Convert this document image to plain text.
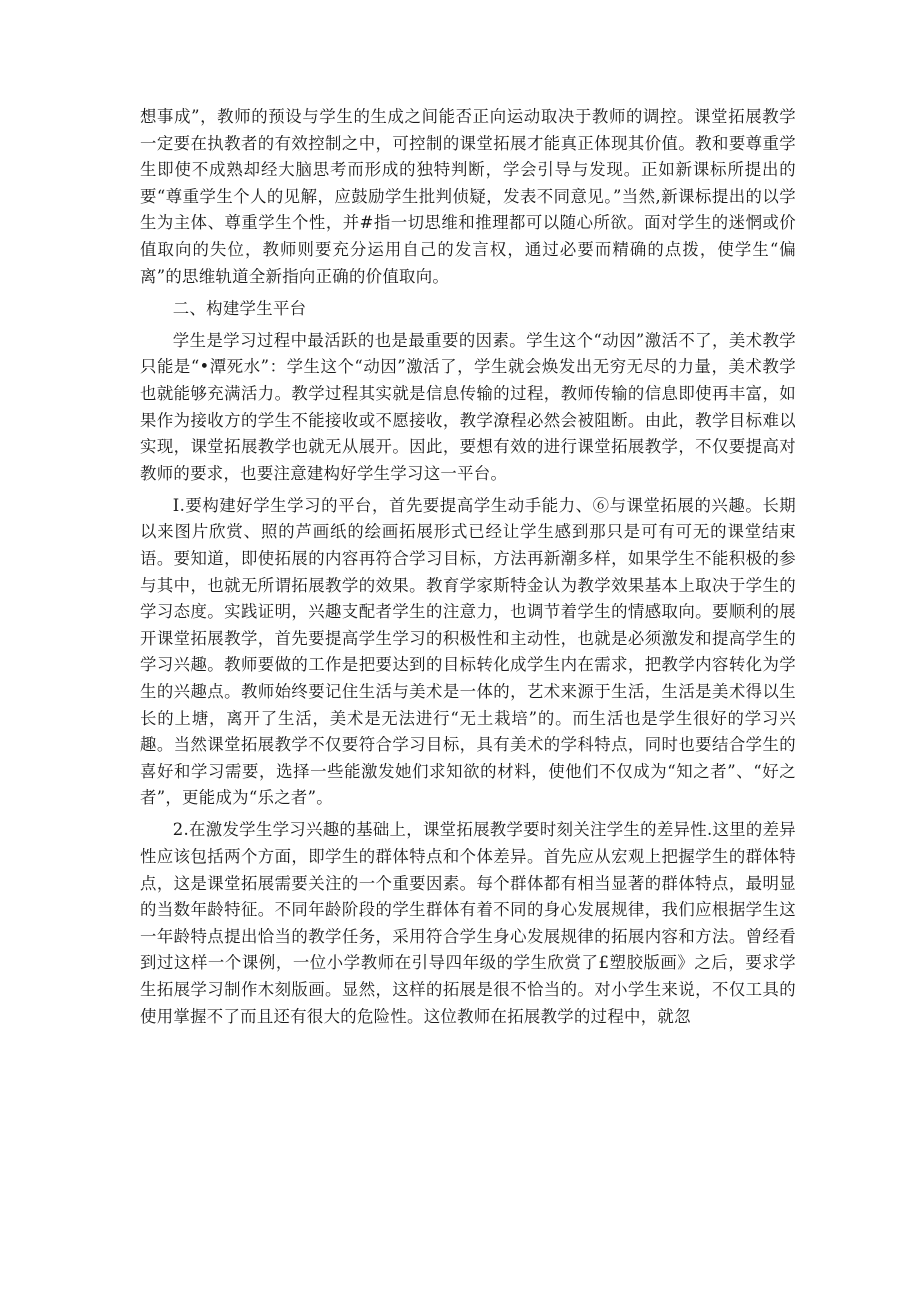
想事成”，教师的预设与学生的生成之间能否正向运动取决于教师的调控。课堂拓展教学一定要在执教者的有效控制之中，可控制的课堂拓展才能真正体现其价值。教和要尊重学生即使不成熟却经大脑思考而形成的独特判断，学会引导与发现。正如新课标所提出的要“尊重学生个人的见解，应鼓励学生批判侦疑，发表不同意见。”当然,新课标提出的以学生为主体、尊重学生个性，并#指一切思维和推理都可以随心所欲。面对学生的迷惘或价值取向的失位，教师则要充分运用自己的发言权，通过必要而精确的点拨，使学生“偏离”的思维轨道全新指向正确的价值取向。

二、构建学生平台

学生是学习过程中最活跃的也是最重要的因素。学生这个“动因”激活不了，美术教学只能是“•潭死水”：学生这个“动因”激活了，学生就会焕发出无穷无尽的力量，美术教学也就能够充满活力。教学过程其实就是信息传输的过程，教师传输的信息即使再丰富，如果作为接收方的学生不能接收或不愿接收，教学潦程必然会被阻断。由此，教学目标难以实现，课堂拓展教学也就无从展开。因此，要想有效的进行课堂拓展教学，不仅要提高对教师的要求，也要注意建构好学生学习这一平台。

I.要构建好学生学习的平台，首先要提高学生动手能力、⑥与课堂拓展的兴趣。长期以来图片欣赏、照的芦画纸的绘画拓展形式已经让学生感到那只是可有可无的课堂结束语。要知道，即使拓展的内容再符合学习目标，方法再新潮多样，如果学生不能积极的参与其中，也就无所谓拓展教学的效果。教育学家斯特金认为教学效果基本上取决于学生的学习态度。实践证明，兴趣支配者学生的注意力，也调节着学生的情感取向。要顺利的展开课堂拓展教学，首先要提高学生学习的积极性和主动性，也就是必须激发和提高学生的学习兴趣。教师要做的工作是把要达到的目标转化成学生内在需求，把教学内容转化为学生的兴趣点。教师始终要记住生活与美术是一体的，艺术来源于生活，生活是美术得以生长的上塘，离开了生活，美术是无法进行“无土栽培”的。而生活也是学生很好的学习兴趣。当然课堂拓展教学不仅要符合学习目标，具有美术的学科特点，同时也要结合学生的喜好和学习需要，选择一些能激发她们求知欲的材料，使他们不仅成为“知之者”、“好之者”，更能成为“乐之者”。

2.在激发学生学习兴趣的基础上，课堂拓展教学要时刻关注学生的差异性.这里的差异性应该包括两个方面，即学生的群体特点和个体差异。首先应从宏观上把握学生的群体特点，这是课堂拓展需要关注的一个重要因素。每个群体都有相当显著的群体特点，最明显的当数年龄特征。不同年龄阶段的学生群体有着不同的身心发展规律，我们应根据学生这一年龄特点提出恰当的教学任务，采用符合学生身心发展规律的拓展内容和方法。曾经看到过这样一个课例，一位小学教师在引导四年级的学生欣赏了£塑胶版画》之后，要求学生拓展学习制作木刻版画。显然，这样的拓展是很不恰当的。对小学生来说，不仅工具的使用掌握不了而且还有很大的危险性。这位教师在拓展教学的过程中，就忽
